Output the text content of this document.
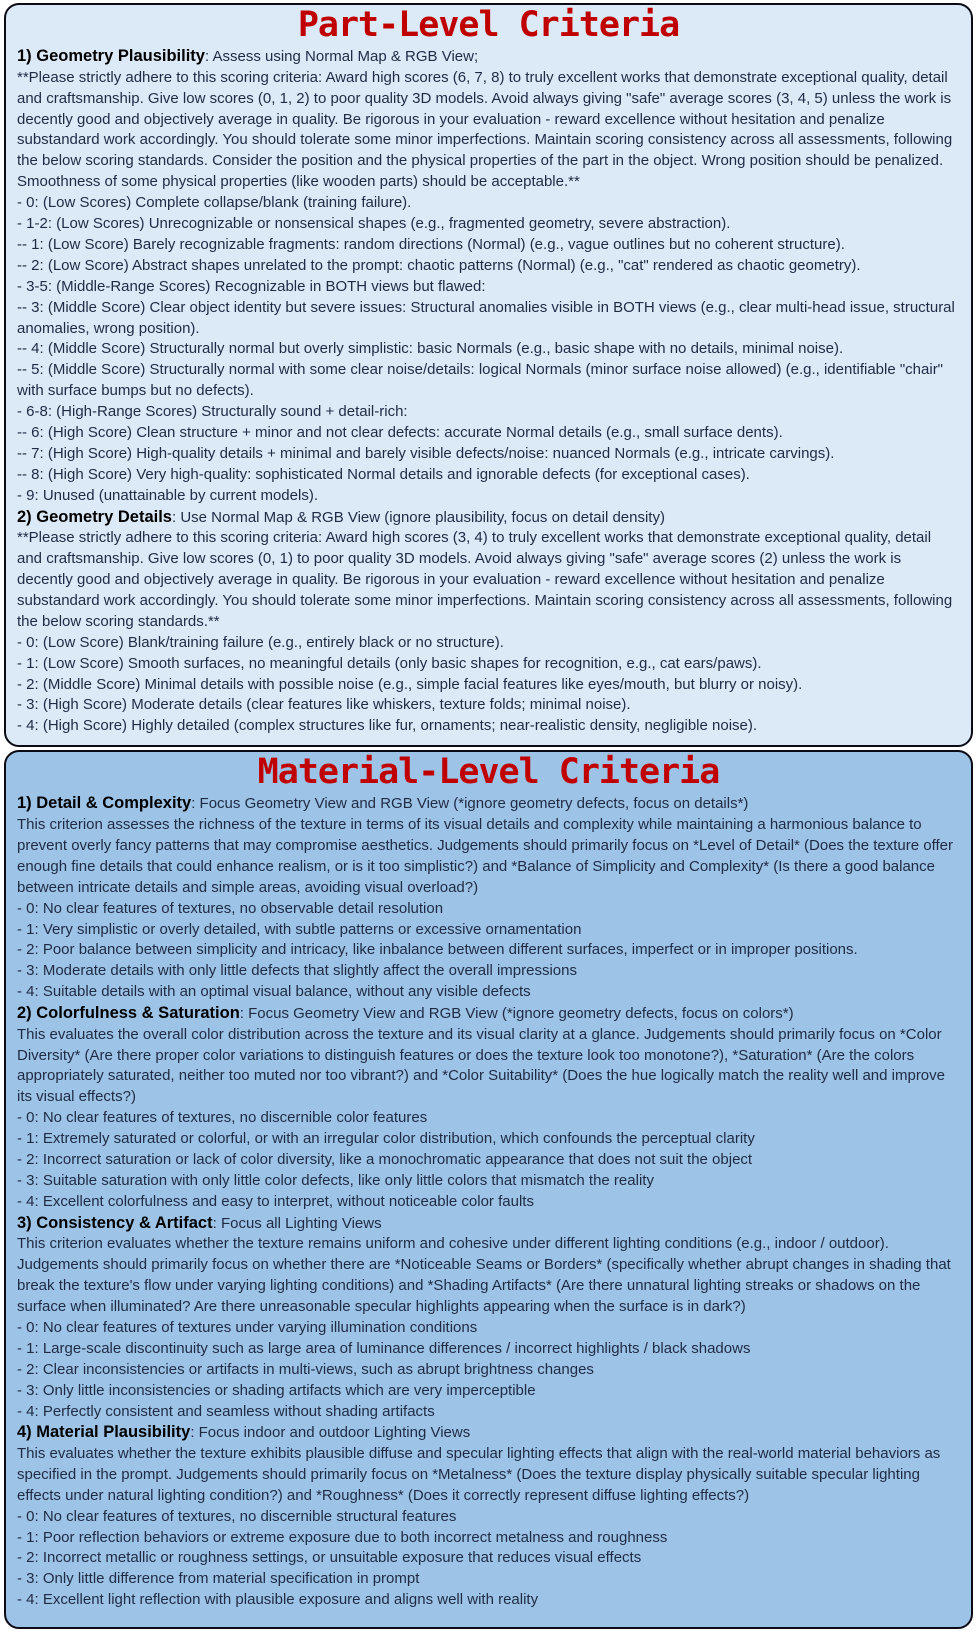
Part-Level Criteria
1) Geometry Plausibility: Assess using Normal Map & RGB View;
**Please strictly adhere to this scoring criteria: Award high scores (6, 7, 8) to truly excellent works that demonstrate exceptional quality, detail and craftsmanship. Give low scores (0, 1, 2) to poor quality 3D models. Avoid always giving "safe" average scores (3, 4, 5) unless the work is decently good and objectively average in quality. Be rigorous in your evaluation - reward excellence without hesitation and penalize substandard work accordingly. You should tolerate some minor imperfections. Maintain scoring consistency across all assessments, following the below scoring standards. Consider the position and the physical properties of the part in the object. Wrong position should be penalized. Smoothness of some physical properties (like wooden parts) should be acceptable.**
- 0: (Low Scores) Complete collapse/blank (training failure).
- 1-2: (Low Scores) Unrecognizable or nonsensical shapes (e.g., fragmented geometry, severe abstraction).
-- 1: (Low Score) Barely recognizable fragments: random directions (Normal) (e.g., vague outlines but no coherent structure).
-- 2: (Low Score) Abstract shapes unrelated to the prompt: chaotic patterns (Normal) (e.g., "cat" rendered as chaotic geometry).
- 3-5: (Middle-Range Scores) Recognizable in BOTH views but flawed:
-- 3: (Middle Score) Clear object identity but severe issues: Structural anomalies visible in BOTH views (e.g., clear multi-head issue, structural anomalies, wrong position).
-- 4: (Middle Score) Structurally normal but overly simplistic: basic Normals (e.g., basic shape with no details, minimal noise).
-- 5: (Middle Score) Structurally normal with some clear noise/details: logical Normals (minor surface noise allowed) (e.g., identifiable "chair" with surface bumps but no defects).
- 6-8: (High-Range Scores) Structurally sound + detail-rich:
-- 6: (High Score) Clean structure + minor and not clear defects: accurate Normal details (e.g., small surface dents).
-- 7: (High Score) High-quality details + minimal and barely visible defects/noise: nuanced Normals (e.g., intricate carvings).
-- 8: (High Score) Very high-quality: sophisticated Normal details and ignorable defects (for exceptional cases).
- 9: Unused (unattainable by current models).
2) Geometry Details: Use Normal Map & RGB View (ignore plausibility, focus on detail density)
**Please strictly adhere to this scoring criteria: Award high scores (3, 4) to truly excellent works that demonstrate exceptional quality, detail and craftsmanship. Give low scores (0, 1) to poor quality 3D models. Avoid always giving "safe" average scores (2) unless the work is decently good and objectively average in quality. Be rigorous in your evaluation - reward excellence without hesitation and penalize substandard work accordingly. You should tolerate some minor imperfections. Maintain scoring consistency across all assessments, following the below scoring standards.**
- 0: (Low Score) Blank/training failure (e.g., entirely black or no structure).
- 1: (Low Score) Smooth surfaces, no meaningful details (only basic shapes for recognition, e.g., cat ears/paws).
- 2: (Middle Score) Minimal details with possible noise (e.g., simple facial features like eyes/mouth, but blurry or noisy).
- 3: (High Score) Moderate details (clear features like whiskers, texture folds; minimal noise).
- 4: (High Score) Highly detailed (complex structures like fur, ornaments; near-realistic density, negligible noise).
Material-Level Criteria
1) Detail & Complexity: Focus Geometry View and RGB View (*ignore geometry defects, focus on details*)
This criterion assesses the richness of the texture in terms of its visual details and complexity while maintaining a harmonious balance to prevent overly fancy patterns that may compromise aesthetics. Judgements should primarily focus on *Level of Detail* (Does the texture offer enough fine details that could enhance realism, or is it too simplistic?) and *Balance of Simplicity and Complexity* (Is there a good balance between intricate details and simple areas, avoiding visual overload?)
- 0: No clear features of textures, no observable detail resolution
- 1: Very simplistic or overly detailed, with subtle patterns or excessive ornamentation
- 2: Poor balance between simplicity and intricacy, like inbalance between different surfaces, imperfect or in improper positions.
- 3: Moderate details with only little defects that slightly affect the overall impressions
- 4: Suitable details with an optimal visual balance, without any visible defects
2) Colorfulness & Saturation: Focus Geometry View and RGB View (*ignore geometry defects, focus on colors*)
This evaluates the overall color distribution across the texture and its visual clarity at a glance. Judgements should primarily focus on *Color Diversity* (Are there proper color variations to distinguish features or does the texture look too monotone?), *Saturation* (Are the colors appropriately saturated, neither too muted nor too vibrant?) and *Color Suitability* (Does the hue logically match the reality well and improve its visual effects?)
- 0: No clear features of textures, no discernible color features
- 1: Extremely saturated or colorful, or with an irregular color distribution, which confounds the perceptual clarity
- 2: Incorrect saturation or lack of color diversity, like a monochromatic appearance that does not suit the object
- 3: Suitable saturation with only little color defects, like only little colors that mismatch the reality
- 4: Excellent colorfulness and easy to interpret, without noticeable color faults
3) Consistency & Artifact: Focus all Lighting Views
This criterion evaluates whether the texture remains uniform and cohesive under different lighting conditions (e.g., indoor / outdoor). Judgements should primarily focus on whether there are *Noticeable Seams or Borders* (specifically whether abrupt changes in shading that break the texture's flow under varying lighting conditions) and *Shading Artifacts* (Are there unnatural lighting streaks or shadows on the surface when illuminated? Are there unreasonable specular highlights appearing when the surface is in dark?)
- 0: No clear features of textures under varying illumination conditions
- 1: Large-scale discontinuity such as large area of luminance differences / incorrect highlights / black shadows
- 2: Clear inconsistencies or artifacts in multi-views, such as abrupt brightness changes
- 3: Only little inconsistencies or shading artifacts which are very imperceptible
- 4: Perfectly consistent and seamless without shading artifacts
4) Material Plausibility: Focus indoor and outdoor Lighting Views
This evaluates whether the texture exhibits plausible diffuse and specular lighting effects that align with the real-world material behaviors as specified in the prompt. Judgements should primarily focus on *Metalness* (Does the texture display physically suitable specular lighting effects under natural lighting condition?) and *Roughness* (Does it correctly represent diffuse lighting effects?)
- 0: No clear features of textures, no discernible structural features
- 1: Poor reflection behaviors or extreme exposure due to both incorrect metalness and roughness
- 2: Incorrect metallic or roughness settings, or unsuitable exposure that reduces visual effects
- 3: Only little difference from material specification in prompt
- 4: Excellent light reflection with plausible exposure and aligns well with reality
